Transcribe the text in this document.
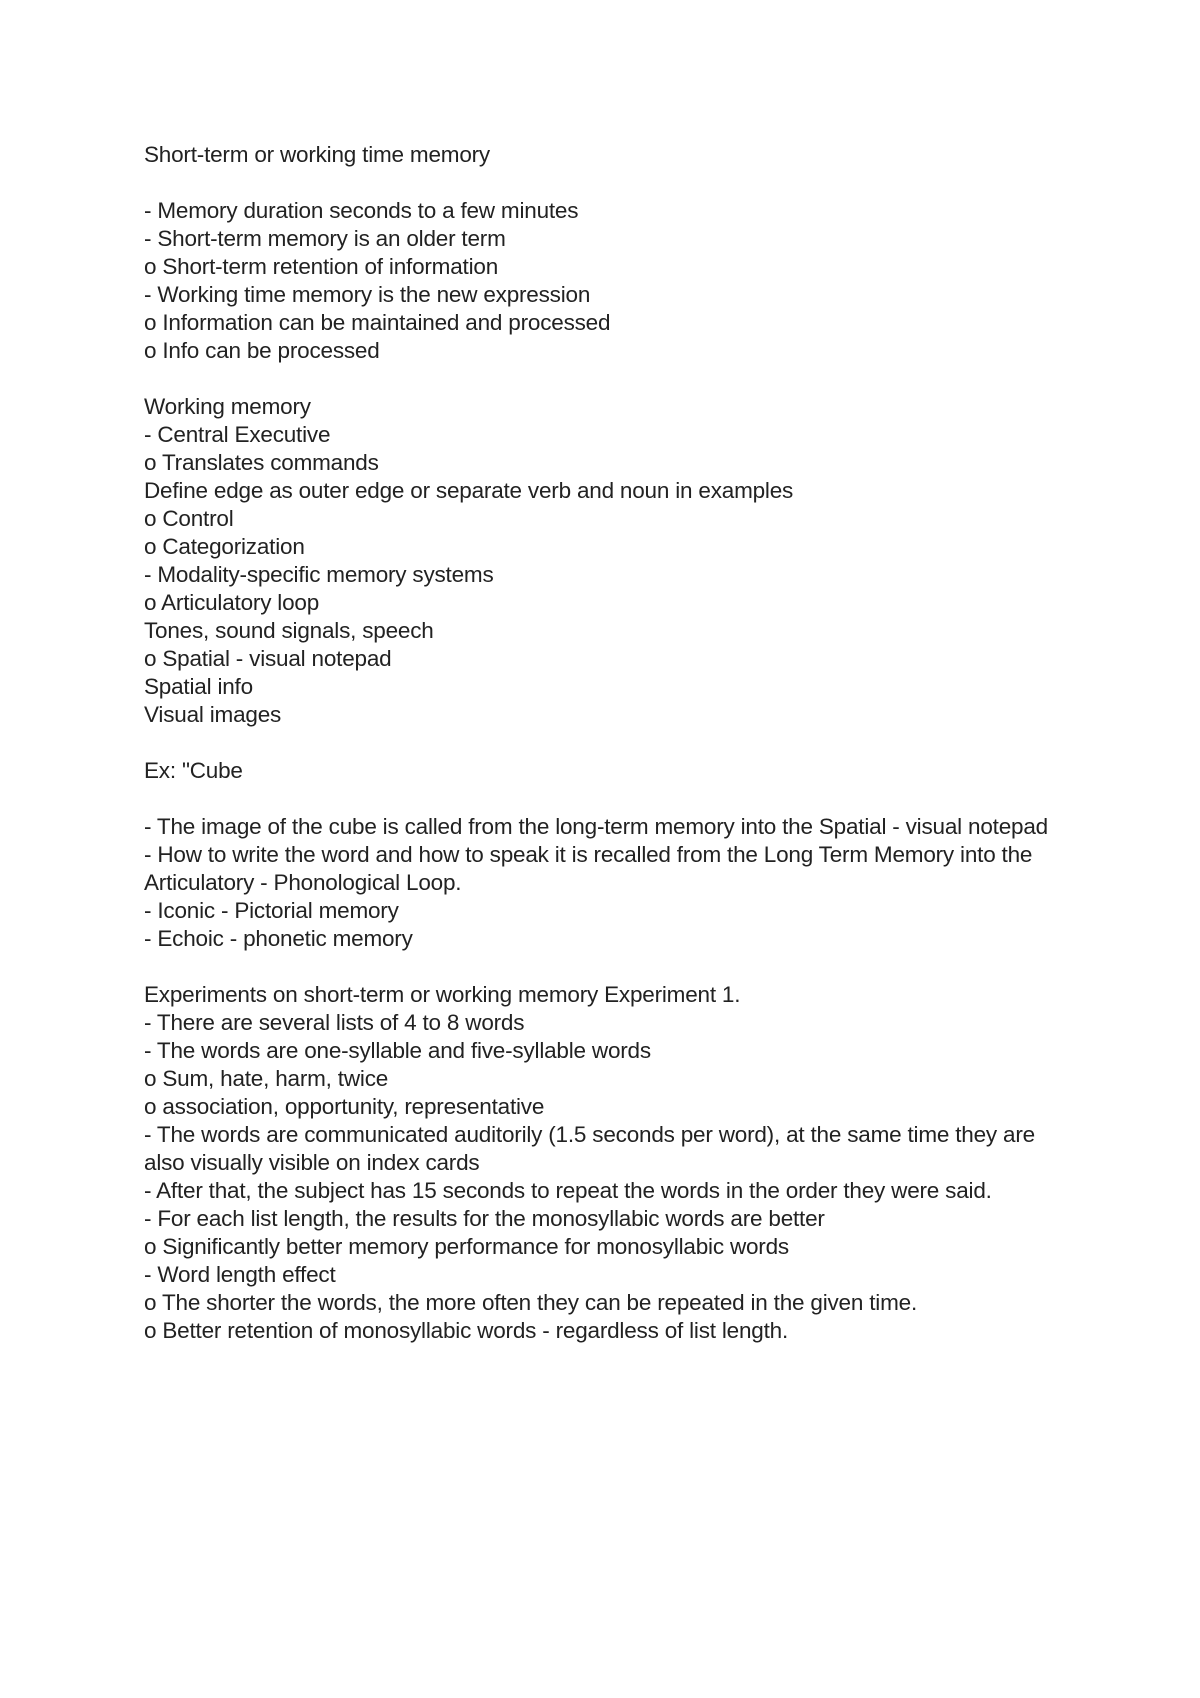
Short-term or working time memory
- Memory duration seconds to a few minutes
- Short-term memory is an older term
o Short-term retention of information
- Working time memory is the new expression
o Information can be maintained and processed
o Info can be processed
Working memory
- Central Executive
o Translates commands
Define edge as outer edge or separate verb and noun in examples
o Control
o Categorization
- Modality-specific memory systems
o Articulatory loop
Tones, sound signals, speech
o Spatial - visual notepad
Spatial info
Visual images
Ex: "Cube
- The image of the cube is called from the long-term memory into the Spatial - visual notepad
- How to write the word and how to speak it is recalled from the Long Term Memory into the Articulatory - Phonological Loop.
- Iconic - Pictorial memory
- Echoic - phonetic memory
Experiments on short-term or working memory Experiment 1.
- There are several lists of 4 to 8 words
- The words are one-syllable and five-syllable words
o Sum, hate, harm, twice
o association, opportunity, representative
- The words are communicated auditorily (1.5 seconds per word), at the same time they are also visually visible on index cards
- After that, the subject has 15 seconds to repeat the words in the order they were said.
- For each list length, the results for the monosyllabic words are better
o Significantly better memory performance for monosyllabic words
- Word length effect
o The shorter the words, the more often they can be repeated in the given time.
o Better retention of monosyllabic words - regardless of list length.
